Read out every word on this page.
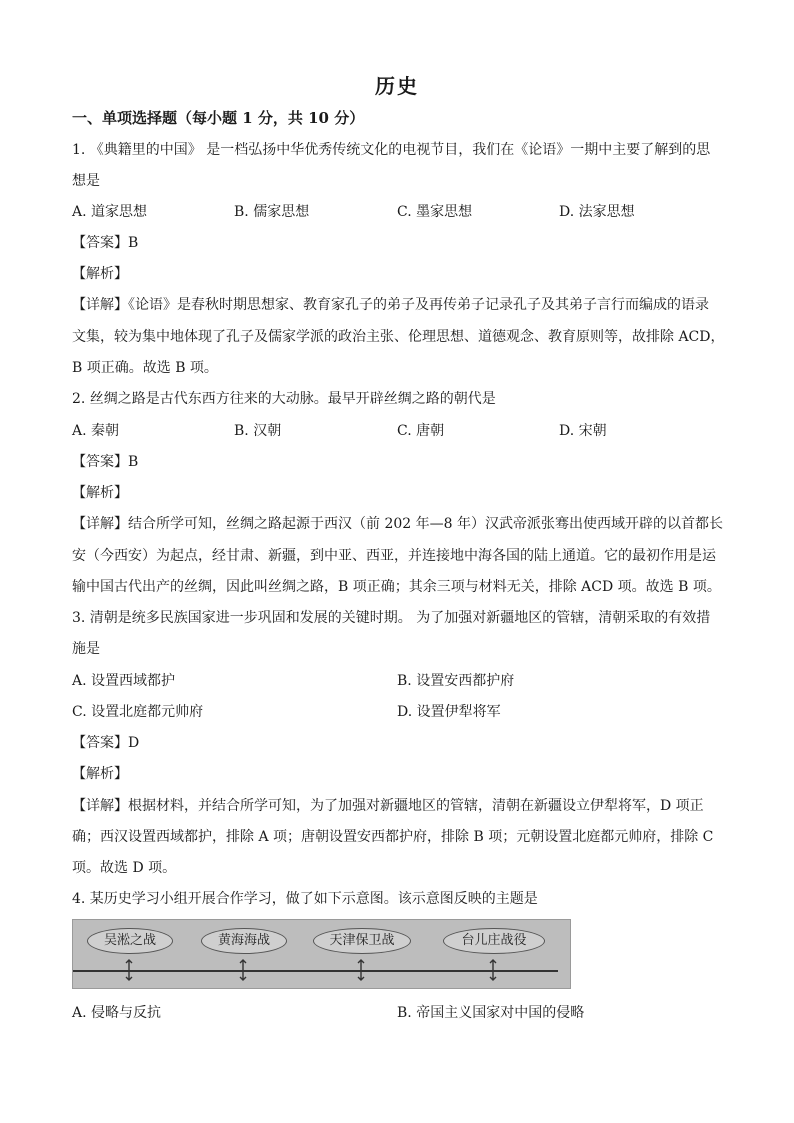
历史
一、单项选择题（每小题 1 分，共 10 分）
1. 《典籍里的中国》 是一档弘扬中华优秀传统文化的电视节目，我们在《论语》一期中主要了解到的思
想是
A. 道家思想	B. 儒家思想	C. 墨家思想	D. 法家思想
【答案】B
【解析】
【详解】《论语》是春秋时期思想家、教育家孔子的弟子及再传弟子记录孔子及其弟子言行而编成的语录
文集，较为集中地体现了孔子及儒家学派的政治主张、伦理思想、道德观念、教育原则等，故排除 ACD，
B 项正确。故选 B 项。
2. 丝绸之路是古代东西方往来的大动脉。最早开辟丝绸之路的朝代是
A. 秦朝	B. 汉朝	C. 唐朝	D. 宋朝
【答案】B
【解析】
【详解】结合所学可知，丝绸之路起源于西汉（前 202 年—8 年）汉武帝派张骞出使西域开辟的以首都长
安（今西安）为起点，经甘肃、新疆，到中亚、西亚，并连接地中海各国的陆上通道。它的最初作用是运
输中国古代出产的丝绸，因此叫丝绸之路，B 项正确；其余三项与材料无关，排除 ACD 项。故选 B 项。
3. 清朝是统多民族国家进一步巩固和发展的关键时期。 为了加强对新疆地区的管辖，清朝采取的有效措
施是
A. 设置西域都护	B. 设置安西都护府
C. 设置北庭都元帅府	D. 设置伊犁将军
【答案】D
【解析】
【详解】根据材料，并结合所学可知，为了加强对新疆地区的管辖，清朝在新疆设立伊犁将军，D 项正
确；西汉设置西域都护，排除 A 项；唐朝设置安西都护府，排除 B 项；元朝设置北庭都元帅府，排除 C
项。故选 D 项。
4. 某历史学习小组开展合作学习，做了如下示意图。该示意图反映的主题是
吴淞之战	黄海海战	天津保卫战	台儿庄战役
A. 侵略与反抗	B. 帝国主义国家对中国的侵略
